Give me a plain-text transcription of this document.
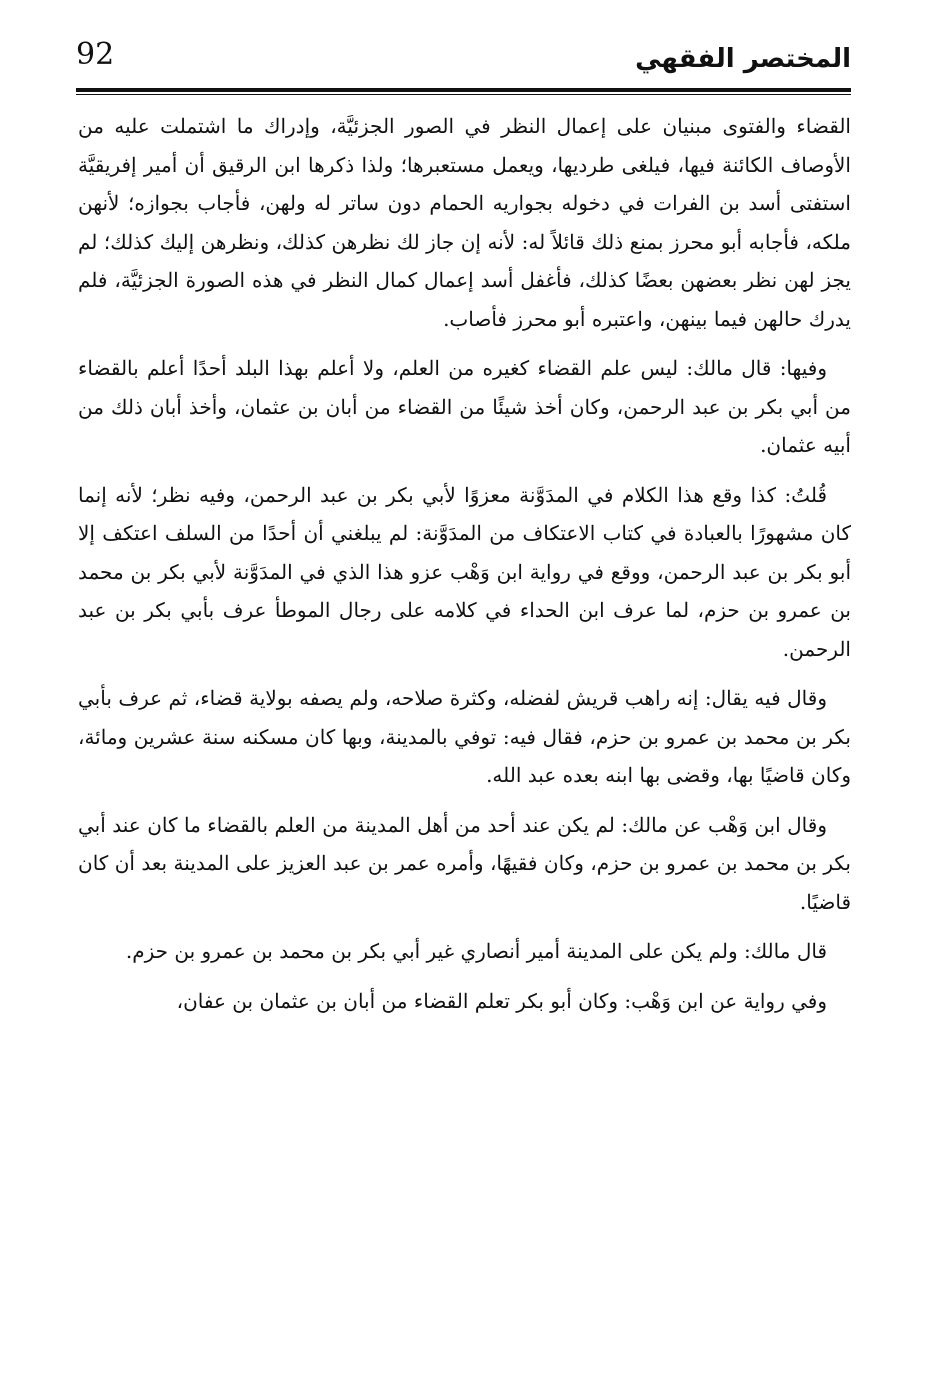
92	المختصر الفقهي

القضاء والفتوى مبنيان على إعمال النظر في الصور الجزئيَّة، وإدراك ما اشتملت عليه من الأوصاف الكائنة فيها، فيلغى طرديها، ويعمل مستعبرها؛ ولذا ذكرها ابن الرقيق أن أمير إفريقيَّة استفتى أسد بن الفرات في دخوله بجواريه الحمام دون ساتر له ولهن، فأجاب بجوازه؛ لأنهن ملكه، فأجابه أبو محرز بمنع ذلك قائلاً له: لأنه إن جاز لك نظرهن كذلك، ونظرهن إليك كذلك؛ لم يجز لهن نظر بعضهن بعضًا كذلك، فأغفل أسد إعمال كمال النظر في هذه الصورة الجزئيَّة، فلم يدرك حالهن فيما بينهن، واعتبره أبو محرز فأصاب.

وفيها: قال مالك: ليس علم القضاء كغيره من العلم، ولا أعلم بهذا البلد أحدًا أعلم بالقضاء من أبي بكر بن عبد الرحمن، وكان أخذ شيئًا من القضاء من أبان بن عثمان، وأخذ أبان ذلك من أبيه عثمان.

قُلتُ: كذا وقع هذا الكلام في المدَوَّنة معزوًا لأبي بكر بن عبد الرحمن، وفيه نظر؛ لأنه إنما كان مشهورًا بالعبادة في كتاب الاعتكاف من المدَوَّنة: لم يبلغني أن أحدًا من السلف اعتكف إلا أبو بكر بن عبد الرحمن، ووقع في رواية ابن وَهْب عزو هذا الذي في المدَوَّنة لأبي بكر بن محمد بن عمرو بن حزم، لما عرف ابن الحداء في كلامه على رجال الموطأ عرف بأبي بكر بن عبد الرحمن.

وقال فيه يقال: إنه راهب قريش لفضله، وكثرة صلاحه، ولم يصفه بولاية قضاء، ثم عرف بأبي بكر بن محمد بن عمرو بن حزم، فقال فيه: توفي بالمدينة، وبها كان مسكنه سنة عشرين ومائة، وكان قاضيًا بها، وقضى بها ابنه بعده عبد الله.

وقال ابن وَهْب عن مالك: لم يكن عند أحد من أهل المدينة من العلم بالقضاء ما كان عند أبي بكر بن محمد بن عمرو بن حزم، وكان فقيهًا، وأمره عمر بن عبد العزيز على المدينة بعد أن كان قاضيًا.

قال مالك: ولم يكن على المدينة أمير أنصاري غير أبي بكر بن محمد بن عمرو بن حزم.

وفي رواية عن ابن وَهْب: وكان أبو بكر تعلم القضاء من أبان بن عثمان بن عفان،
